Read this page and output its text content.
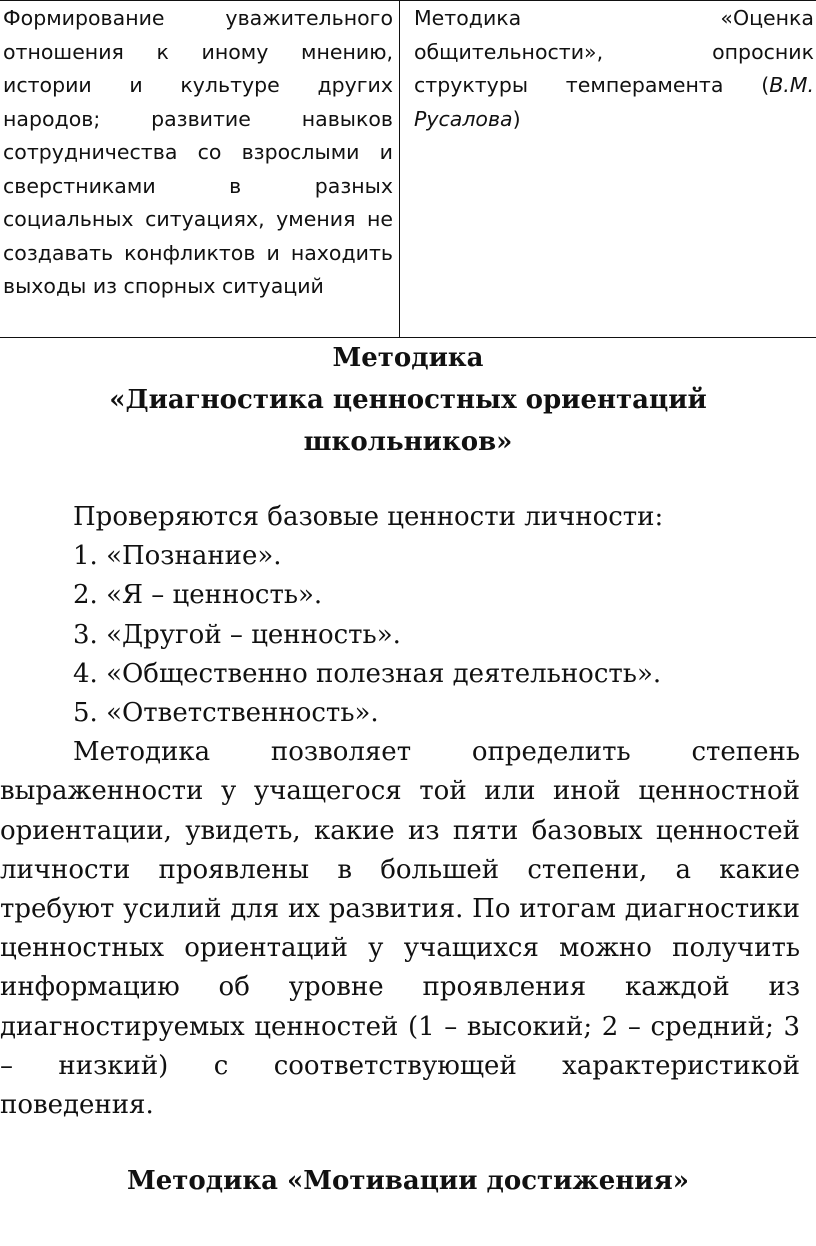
Формирование уважительного отношения к иному мнению, истории и культуре других народов; развитие навыков сотрудничества со взрослыми и сверстниками в разных социальных ситуациях, умения не создавать конфликтов и находить выходы из спорных ситуаций	Методика «Оценка общительности», опросник структуры темперамента (В.М. Русалова)
Методика
«Диагностика ценностных ориентаций
школьников»

Проверяются базовые ценности личности:

1. «Познание».

2. «Я – ценность».

3. «Другой – ценность».

4. «Общественно полезная деятельность».

5. «Ответственность».

Методика позволяет определить степень выраженности у учащегося той или иной ценностной ориентации, увидеть, какие из пяти базовых ценностей личности проявлены в большей степени, а какие требуют усилий для их развития. По итогам диагностики ценностных ориентаций у учащихся можно получить информацию об уровне проявления каждой из диагностируемых ценностей (1 – высокий; 2 – средний; 3 – низкий) с соответствующей характеристикой поведения.

Методика «Мотивации достижения»
